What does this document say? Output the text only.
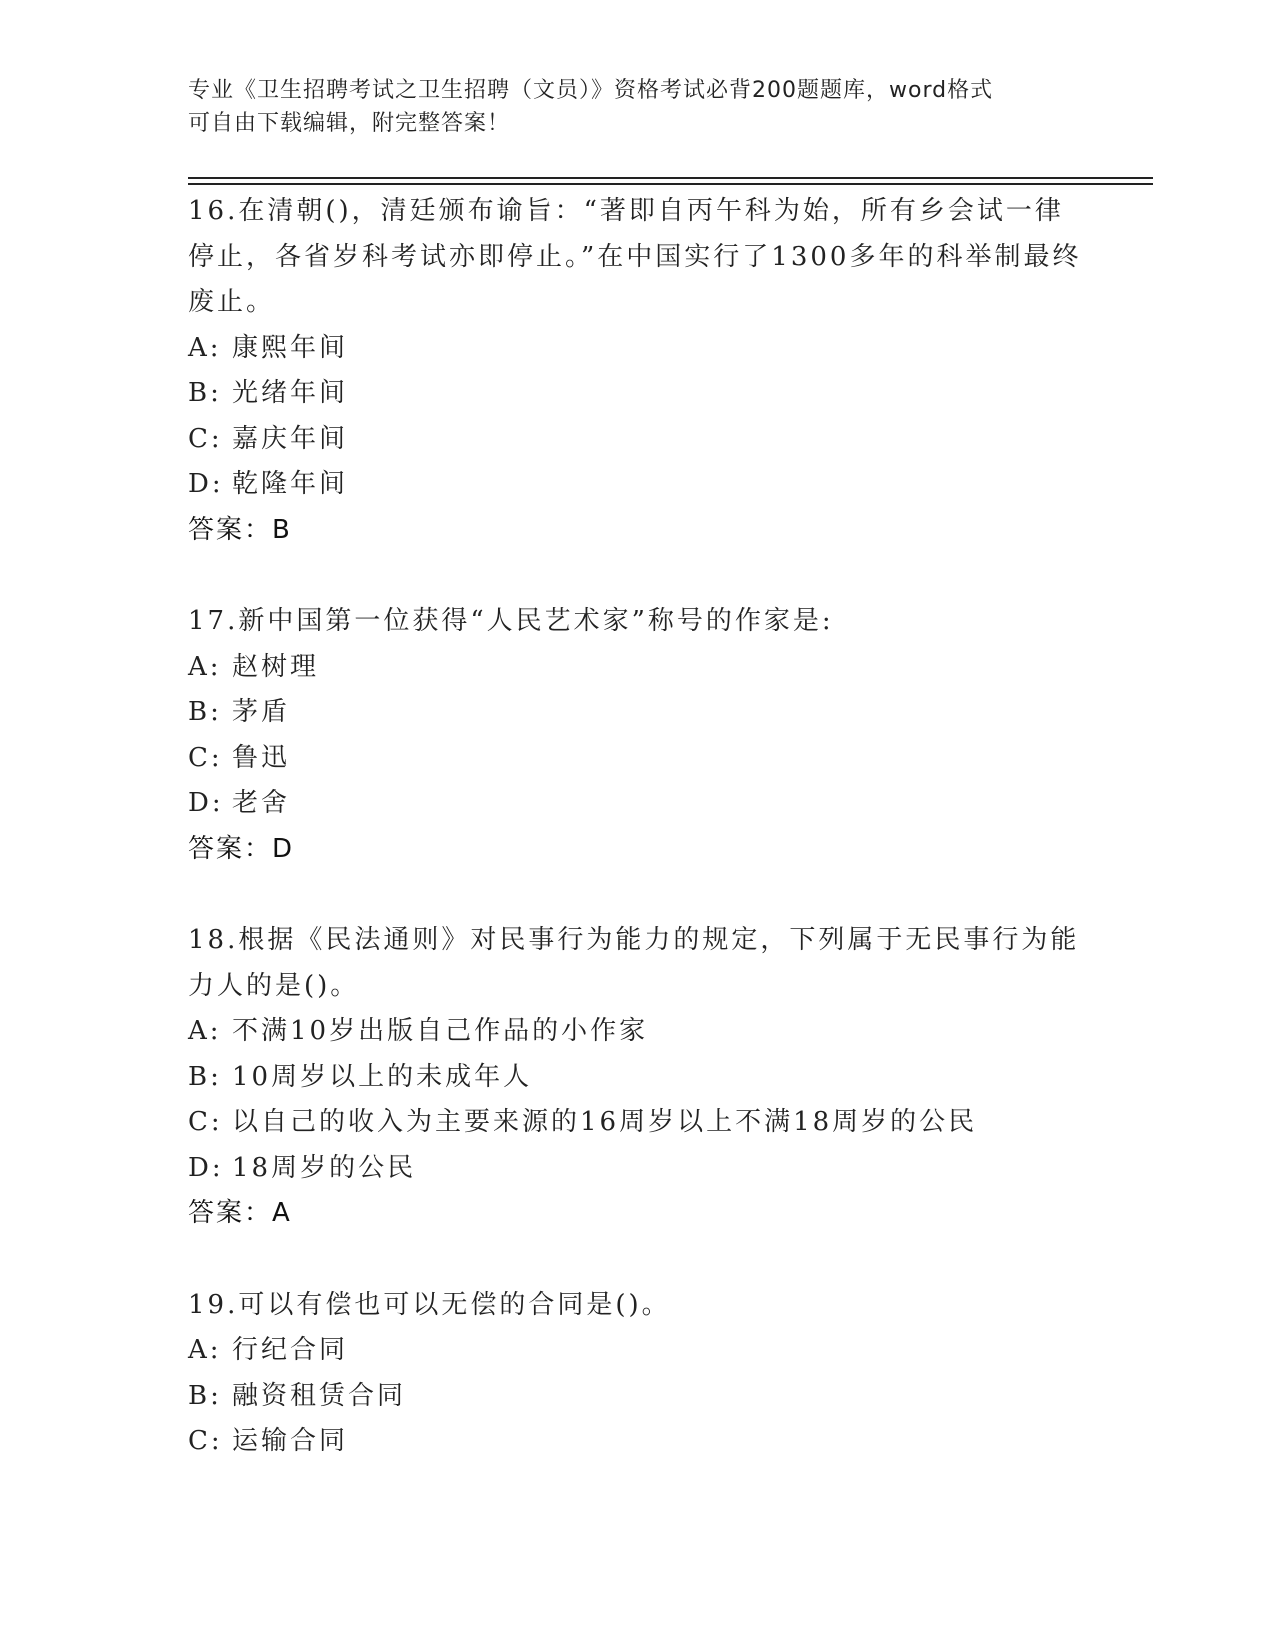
专业《卫生招聘考试之卫生招聘（文员）》资格考试必背200题题库，word格式
可自由下载编辑，附完整答案！
16.在清朝()，清廷颁布谕旨：“著即自丙午科为始，所有乡会试一律停止，各省岁科考试亦即停止。”在中国实行了1300多年的科举制最终废止。
A: 康熙年间
B: 光绪年间
C: 嘉庆年间
D: 乾隆年间
答案：B
17.新中国第一位获得“人民艺术家”称号的作家是:
A: 赵树理
B: 茅盾
C: 鲁迅
D: 老舍
答案：D
18.根据《民法通则》对民事行为能力的规定，下列属于无民事行为能力人的是()。
A: 不满10岁出版自己作品的小作家
B: 10周岁以上的未成年人
C: 以自己的收入为主要来源的16周岁以上不满18周岁的公民
D: 18周岁的公民
答案：A
19.可以有偿也可以无偿的合同是()。
A: 行纪合同
B: 融资租赁合同
C: 运输合同
